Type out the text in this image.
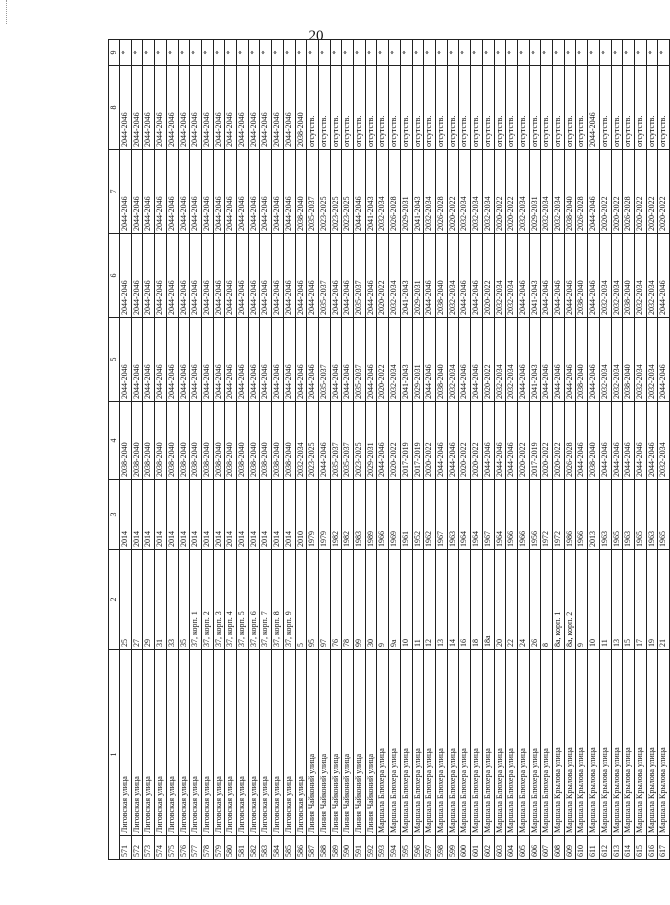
20
1		2	3	4	5	6	7	8	9
571	Лиговская улица	25	2014	2038-2040	2044-2046	2044-2046	2044-2046	2044-2046	*
572	Лиговская улица	27	2014	2038-2040	2044-2046	2044-2046	2044-2046	2044-2046	*
573	Лиговская улица	29	2014	2038-2040	2044-2046	2044-2046	2044-2046	2044-2046	*
574	Лиговская улица	31	2014	2038-2040	2044-2046	2044-2046	2044-2046	2044-2046	*
575	Лиговская улица	33	2014	2038-2040	2044-2046	2044-2046	2044-2046	2044-2046	*
576	Лиговская улица	35	2014	2038-2040	2044-2046	2044-2046	2044-2046	2044-2046	*
577	Лиговская улица	37, корп. 1	2014	2038-2040	2044-2046	2044-2046	2044-2046	2044-2046	*
578	Лиговская улица	37, корп. 2	2014	2038-2040	2044-2046	2044-2046	2044-2046	2044-2046	*
579	Лиговская улица	37, корп. 3	2014	2038-2040	2044-2046	2044-2046	2044-2046	2044-2046	*
580	Лиговская улица	37, корп. 4	2014	2038-2040	2044-2046	2044-2046	2044-2046	2044-2046	*
581	Лиговская улица	37, корп. 5	2014	2038-2040	2044-2046	2044-2046	2044-2046	2044-2046	*
582	Лиговская улица	37, корп. 6	2014	2038-2040	2044-2046	2044-2046	2044-2046	2044-2046	*
583	Лиговская улица	37, корп. 7	2014	2038-2040	2044-2046	2044-2046	2044-2046	2044-2046	*
584	Лиговская улица	37, корп. 8	2014	2038-2040	2044-2046	2044-2046	2044-2046	2044-2046	*
585	Лиговская улица	37, корп. 9	2014	2038-2040	2044-2046	2044-2046	2044-2046	2044-2046	*
586	Лиговская улица	5	2010	2032-2034	2044-2046	2044-2046	2038-2040	2038-2040	*
587	Линия Чайконий улица	95	1979	2023-2025	2044-2046	2044-2046	2035-2037	отсутств.	*
588	Линия Чайконий улица	97	1979	2044-2046	2035-2037	2035-2037	2023-2025	отсутств.	*
589	Линия Чайконий улица	76	1982	2035-2037	2044-2046	2044-2046	2023-2025	отсутств.	*
590	Линия Чайконий улица	78	1982	2035-2037	2044-2046	2044-2046	2023-2025	отсутств.	*
591	Линия Чайконий улица	99	1983	2023-2025	2035-2037	2035-2037	2044-2046	отсутств.	*
592	Линия Чайконий улица	30	1989	2029-2031	2044-2046	2044-2046	2041-2043	отсутств.	*
593	Маршала Блюхера улица	9	1966	2044-2046	2020-2022	2020-2022	2032-2034	отсутств.	*
594	Маршала Блюхера улица	9а	1969	2020-2022	2032-2034	2032-2034	2026-2028	отсутств.	*
595	Маршала Блюхера улица	10	1961	2017-2019	2041-2043	2041-2043	2029-2031	отсутств.	*
596	Маршала Блюхера улица	11	1952	2017-2019	2029-2031	2029-2031	2041-2043	отсутств.	*
597	Маршала Блюхера улица	12	1962	2020-2022	2044-2046	2044-2046	2032-2034	отсутств.	*
598	Маршала Блюхера улица	13	1967	2044-2046	2038-2040	2038-2040	2026-2028	отсутств.	*
599	Маршала Блюхера улица	14	1963	2044-2046	2032-2034	2032-2034	2020-2022	отсутств.	*
600	Маршала Блюхера улица	16	1964	2020-2022	2044-2046	2044-2046	2032-2034	отсутств.	*
601	Маршала Блюхера улица	18	1964	2020-2022	2044-2046	2044-2046	2032-2034	отсутств.	*
602	Маршала Блюхера улица	18а	1967	2044-2046	2020-2022	2020-2022	2032-2034	отсутств.	*
603	Маршала Блюхера улица	20	1964	2044-2046	2032-2034	2032-2034	2020-2022	отсутств.	*
604	Маршала Блюхера улица	22	1966	2044-2046	2032-2034	2032-2034	2020-2022	отсутств.	*
605	Маршала Блюхера улица	24	1966	2020-2022	2044-2046	2044-2046	2032-2034	отсутств.	*
606	Маршала Блюхера улица	26	1956	2017-2019	2041-2043	2041-2043	2029-2031	отсутств.	*
607	Маршала Блюхера улица	8	1972	2020-2022	2044-2046	2044-2046	2032-2034	отсутств.	*
608	Маршала Крылова улица	8а, корп. 1	1972	2020-2022	2044-2046	2044-2046	2032-2034	отсутств.	*
609	Маршала Крылова улица	8а, корп. 2	1986	2026-2028	2044-2046	2044-2046	2038-2040	отсутств.	*
610	Маршала Крылова улица	9	1966	2044-2046	2038-2040	2038-2040	2026-2028	отсутств.	*
611	Маршала Крылова улица	10	2013	2038-2040	2044-2046	2044-2046	2044-2046	2044-2046	*
612	Маршала Крылова улица	11	1963	2044-2046	2032-2034	2032-2034	2020-2022	отсутств.	*
613	Маршала Крылова улица	13	1965	2044-2046	2032-2034	2032-2034	2020-2022	отсутств.	*
614	Маршала Крылова улица	15	1963	2044-2046	2038-2040	2038-2040	2026-2028	отсутств.	*
615	Маршала Крылова улица	17	1965	2044-2046	2032-2034	2032-2034	2020-2022	отсутств.	*
616	Маршала Крылова улица	19	1963	2044-2046	2032-2034	2032-2034	2020-2022	отсутств.	*
617	Маршала Крылова улица	21	1965	2032-2034	2044-2046	2044-2046	2020-2022	отсутств.	*
